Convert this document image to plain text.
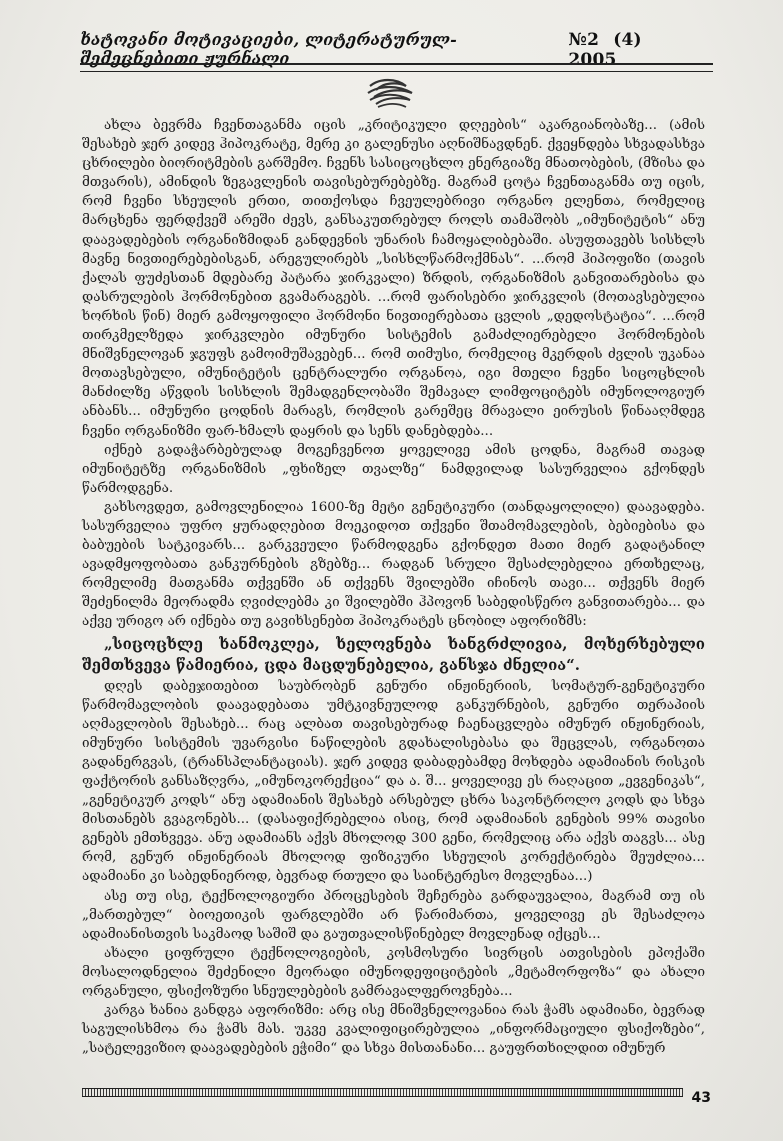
ხატოვანი მოტივაციები, ლიტერატურულ-შემეცნებითი ჟურნალი
№2 (4) 2005

ახლა ბევრმა ჩვენთაგანმა იცის „კრიტიკული დღეების“ აკარგიანობაზე... (ამის შესახებ ჯერ კიდევ ჰიპოკრატე, მერე კი გალენუსი აღნიშნავდნენ. ქვეყნდება სხვადასხვა ცხრილები ბიორიტმების გარშემო. ჩვენს სასიცოცხლო ენერგიაზე მნათობების, (მზისა და მთვარის), ამინდის ზეგავლენის თავისებურებებზე. მაგრამ ცოტა ჩვენთაგანმა თუ იცის, რომ ჩვენი სხეულის ერთი, თითქოსდა ჩვეულებრივი ორგანო ელენთა, რომელიც მარცხენა ფერდქვეშ არეში ძევს, განსაკუთრებულ როლს თამაშობს „იმუნიტეტის“ ანუ დაავადებების ორგანიზმიდან განდევნის უნარის ჩამოყალიბებაში. ასუფთავებს სისხლს მავნე ნივთიერებებისგან, არეგულირებს „სისხლწარმოქმნას“. ...რომ ჰიპოფიზი (თავის ქალას ფუძესთან მდებარე პატარა ჯირკვალი) ზრდის, ორგანიზმის განვითარებისა და დასრულების ჰორმონებით გვამარაგებს. ...რომ ფარისებრი ჯირკვლის (მოთავსებულია ხორხის წინ) მიერ გამოყოფილი ჰორმონი ნივთიერებათა ცვლის „დედოსტატია“. ...რომ თირკმელზედა ჯირკვლები იმუნური სისტემის გამაძლიერებელი ჰორმონების მნიშვნელოვან ჯგუფს გამოიმუშავებენ... რომ თიმუსი, რომელიც მკერდის ძვლის უკანაა მოთავსებული, იმუნიტეტის ცენტრალური ორგანოა, იგი მთელი ჩვენი სიცოცხლის მანძილზე აწვდის სისხლის შემადგენლობაში შემავალ ლიმფოციტებს იმუნოლოგიურ ანბანს... იმუნური ცოდნის მარაგს, რომლის გარეშეც მრავალი ეირუსის წინააღმდეგ ჩვენი ორგანიზმი ფარ-ხმალს დაყრის და სენს დანებდება...

იქნებ გადაჭარბებულად მოგეჩვენოთ ყოველივე ამის ცოდნა, მაგრამ თავად იმუნიტეტზე ორგანიზმის „ფხიზელ თვალზე“ ნამდვილად სასურველია გქონდეს წარმოდგენა.

გახსოვდეთ, გამოვლენილია 1600-ზე მეტი გენეტიკური (თანდაყოლილი) დაავადება. სასურველია უფრო ყურადღებით მოეკიდოთ თქვენი შთამომავლების, ბებიებისა და ბაბუების სატკივარს... გარკვეული წარმოდგენა გქონდეთ მათი მიერ გადატანილ ავადმყოფობათა განკურნების გზებზე... რადგან სრული შესაძლებელია ერთხელაც, რომელიმე მათგანმა თქვენში ან თქვენს შვილებში იჩინოს თავი... თქვენს მიერ შეძენილმა მეორადმა ღვიძლებმა კი შვილებში ჰპოვონ საბედისწერო განვითარება... და აქვე ურიგო არ იქნება თუ გავიხსენებთ ჰიპოკრატეს ცნობილ აფორიზმს:

„სიცოცხლე ხანმოკლეა, ხელოვნება ხანგრძლივია, მოხერხებული შემთხვევა წამიერია, ცდა მაცდუნებელია, განსჯა ძნელია“.

დღეს დაბეჯითებით საუბრობენ გენური ინჟინერიის, სომატურ-გენეტიკური წარმომავლობის დაავადებათა უმტკივნეულოდ განკურნების, გენური თერაპიის აღმავლობის შესახებ... რაც ალბათ თავისებურად ჩაენაცვლება იმუნურ ინჟინერიას, იმუნური სისტემის უვარგისი ნაწილების გდახალისებასა და შეცვლას, ორგანოთა გადანერგვას, (ტრანსპლანტაციას). ჯერ კიდევ დაბადებამდე მოხდება ადამიანის რისკის ფაქტორის განსაზღვრა, „იმუნოკორექცია“ და ა. შ... ყოველივე ეს რაღაცით „ევგენიკას“, „გენეტიკურ კოდს“ ანუ ადამიანის შესახებ არსებულ ცხრა საკონტროლო კოდს და სხვა მისთანებს გვაგონებს... (დასაფიქრებელია ისიც, რომ ადამიანის გენების 99% თავისი გენებს ემთხვევა. ანუ ადამიანს აქვს მხოლოდ 300 გენი, რომელიც არა აქვს თაგვს... ასე რომ, გენურ ინჟინერიას მხოლოდ ფიზიკური სხეულის კორექტირება შეუძლია... ადამიანი კი საბედნიეროდ, ბევრად რთული და საინტერესო მოვლენაა...)

ასე თუ ისე, ტექნოლოგიური პროცესების შეჩერება გარდაუვალია, მაგრამ თუ ის „მართებულ“ ბიოეთიკის ფარგლებში არ წარიმართა, ყოველივე ეს შესაძლოა ადამიანისთვის საკმაოდ საშიშ და გაუთვალისწინებელ მოვლენად იქცეს...

ახალი ციფრული ტექნოლოგიების, კოსმოსური სივრცის ათვისების ეპოქაში მოსალოდნელია შეძენილი მეორადი იმუნოდეფიციტების „მეტამორფოზა“ და ახალი ორგანული, ფსიქოზური სნეულებების გამრავალფეროვნება...

კარგა ხანია განდგა აფორიზმი: არც ისე მნიშვნელოვანია რას ჭამს ადამიანი, ბევრად საგულისხმოა რა ჭამს მას. უკვე კვალიფიცირებულია „ინფორმაციული ფსიქოზები“, „სატელევიზიო დაავადებების ეჭიმი“ და სხვა მისთანანი... გაუფრთხილდით იმუნურ

43
